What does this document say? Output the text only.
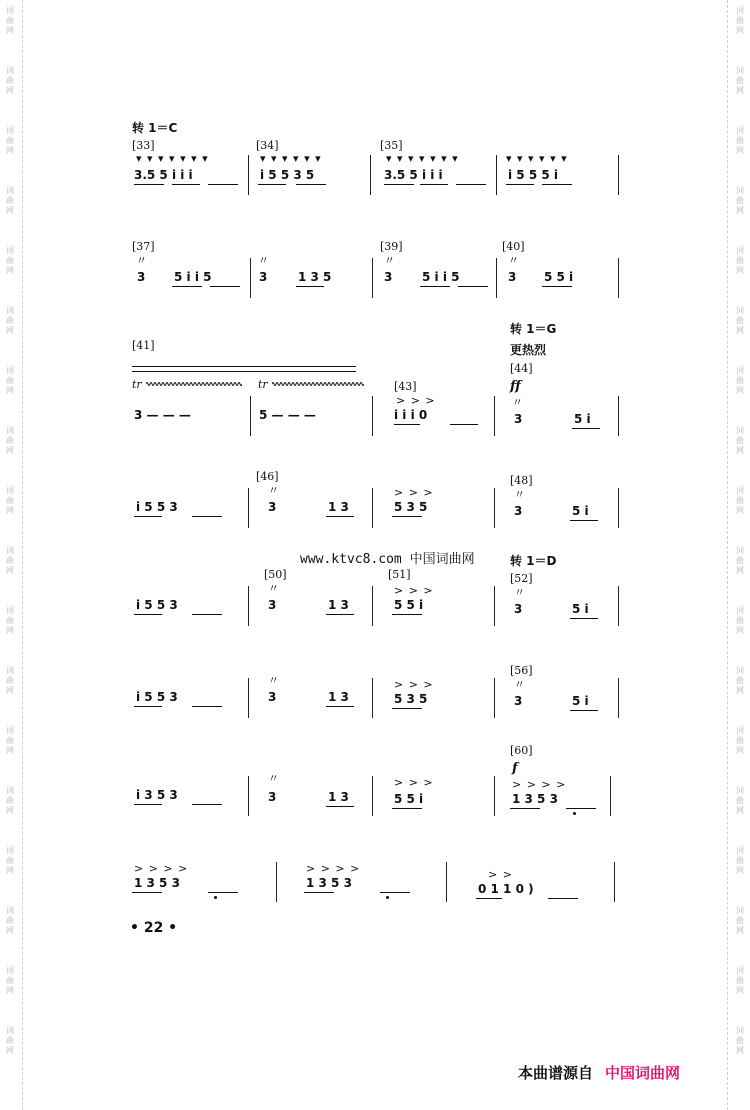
词
曲
网
词
曲
网
词
曲
网
词
曲
网
词
曲
网
词
曲
网
词
曲
网
词
曲
网
词
曲
网
词
曲
网
词
曲
网
词
曲
网
词
曲
网
词
曲
网
词
曲
网
词
曲
网
词
曲
网
词
曲
网
词
曲
网
词
曲
网
词
曲
网
词
曲
网
词
曲
网
词
曲
网
词
曲
网
词
曲
网
词
曲
网
词
曲
网
词
曲
网
词
曲
网
词
曲
网
词
曲
网
词
曲
网
词
曲
网
词
曲
网
词
曲
网
转 1＝C
[33]
▾ ▾ ▾ ▾ ▾ ▾ ▾
3.5 5 i i i
[34]
▾ ▾ ▾ ▾ ▾ ▾
i 5 5 3 5
[35]
▾ ▾ ▾ ▾ ▾ ▾ ▾
3.5 5 i i i
▾ ▾ ▾ ▾ ▾ ▾
i 5 5 5 i
[37]
〃
3 5 i i 5
〃
3	1 3 5
[39]
〃
3 5 i i 5
[40]
〃
3 5 5 i
转 1＝G
更热烈
[41]
tr	tr
3 — — —	5 — — —
[43]
> > >
i i i 0
[44]
ff
〃
3	5 i
i 5 5 3
[46]
〃
3	1 3
> > >
5 3 5
[48]
〃
3	5 i
转 1＝D
i 5 5 3
[50]
〃
3	1 3
[51]
> > >
5 5 i
[52]
〃
3	5 i
i 5 5 3
〃
3	1 3
> > >
5 3 5
[56]
〃
3	5 i
i 3 5 3
〃
3	1 3
> > >
5 5 i
[60]
f
> > > >
1 3 5 3
> > > >
1 3 5 3
> > > >
1 3 5 3
> >
0 1 1 0 )
www.ktvc8.com 中国词曲网
• 22 •
本曲谱源自 中国词曲网
